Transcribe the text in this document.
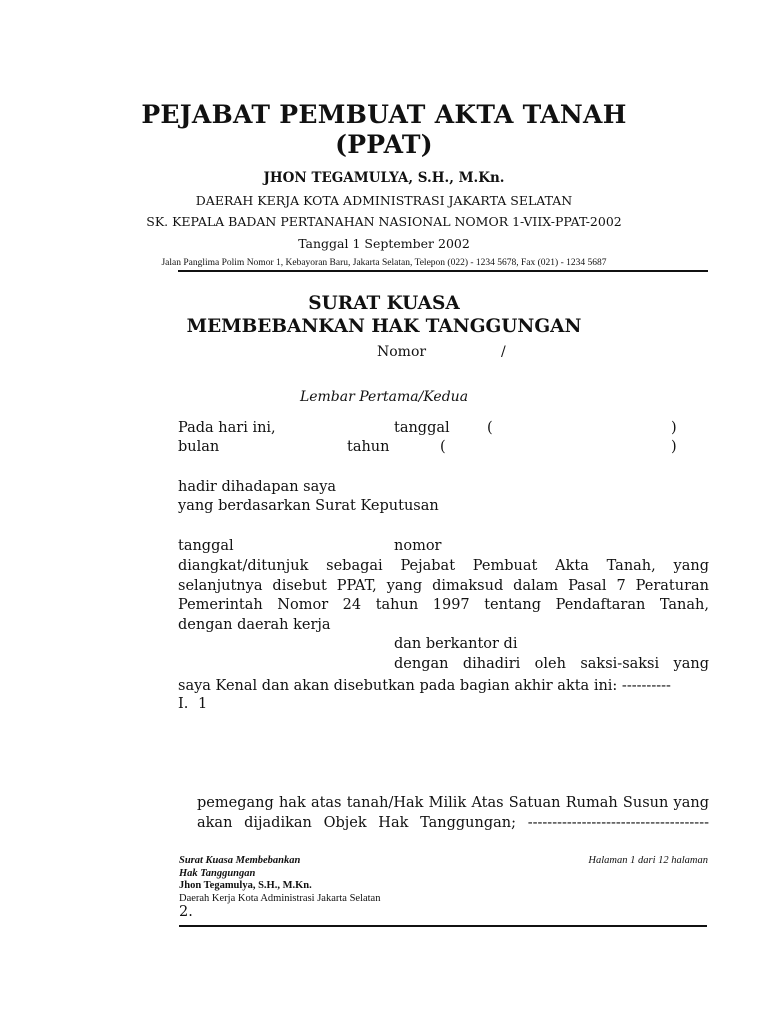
PEJABAT PEMBUAT AKTA TANAH
(PPAT)
JHON TEGAMULYA, S.H., M.Kn.
DAERAH KERJA KOTA ADMINISTRASI JAKARTA SELATAN
SK. KEPALA BADAN PERTANAHAN NASIONAL NOMOR 1-VIIX-PPAT-2002
Tanggal 1 September 2002
Jalan Panglima Polim Nomor 1, Kebayoran Baru, Jakarta Selatan, Telepon (022) - 1234 5678, Fax (021) - 1234 5687
SURAT KUASA
MEMBEBANKAN HAK TANGGUNGAN
Nomor	/
Lembar Pertama/Kedua
Pada hari ini,	tanggal	(	)
bulan	tahun	(	)
hadir dihadapan saya
yang berdasarkan Surat Keputusan
tanggal	nomor
diangkat/ditunjuk sebagai Pejabat Pembuat Akta Tanah, yang
selanjutnya disebut PPAT, yang dimaksud dalam Pasal 7 Peraturan
Pemerintah Nomor 24 tahun 1997 tentang Pendaftaran Tanah,
dengan daerah kerja
dan berkantor di
dengan dihadiri oleh saksi-saksi yang
saya Kenal dan akan disebutkan pada bagian akhir akta ini: ----------
I. 1
pemegang hak atas tanah/Hak Milik Atas Satuan Rumah Susun yang
akan dijadikan Objek Hak Tanggungan; -------------------------------------
Surat Kuasa Membebankan
Hak Tanggungan
Jhon Tegamulya, S.H., M.Kn.
Daerah Kerja Kota Administrasi Jakarta Selatan
Halaman 1 dari 12 halaman
2.
